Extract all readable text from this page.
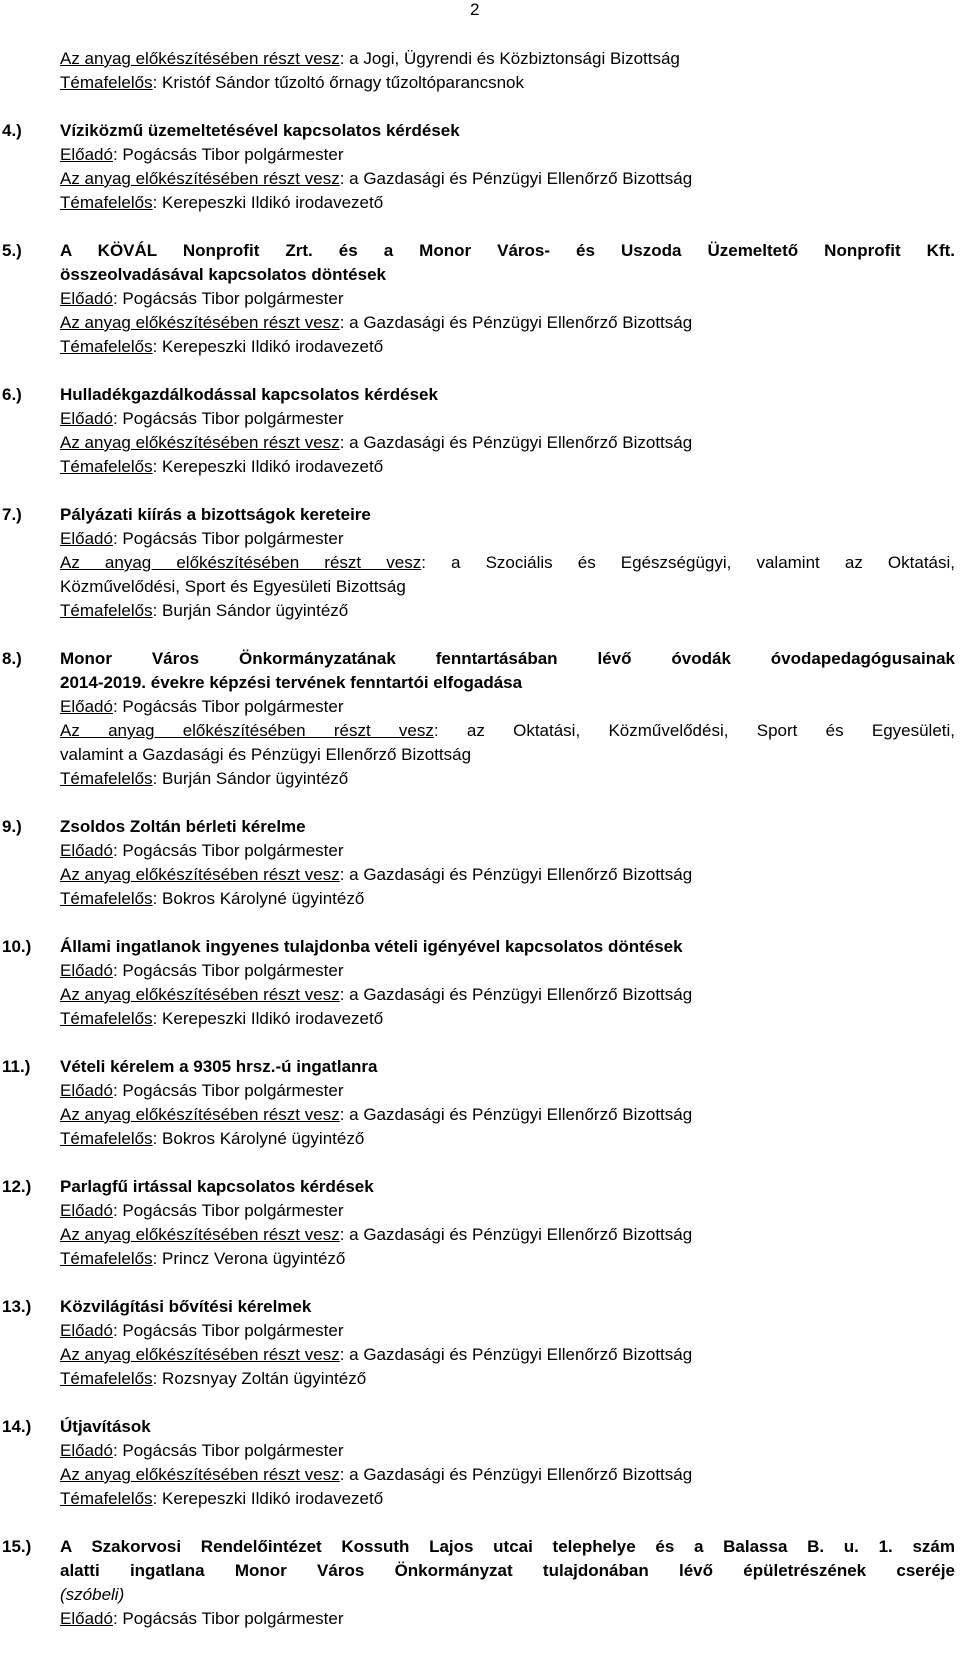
2
Az anyag előkészítésében részt vesz: a Jogi, Ügyrendi és Közbiztonsági Bizottság
Témafelelős: Kristóf Sándor tűzoltó őrnagy tűzoltóparancsnok
4.)	Víziközmű üzemeltetésével kapcsolatos kérdések
Előadó: Pogácsás Tibor polgármester
Az anyag előkészítésében részt vesz: a Gazdasági és Pénzügyi Ellenőrző Bizottság
Témafelelős: Kerepeszki Ildikó irodavezető
5.)	A KÖVÁL Nonprofit Zrt. és a Monor Város- és Uszoda Üzemeltető Nonprofit Kft.
összeolvadásával kapcsolatos döntések
Előadó: Pogácsás Tibor polgármester
Az anyag előkészítésében részt vesz: a Gazdasági és Pénzügyi Ellenőrző Bizottság
Témafelelős: Kerepeszki Ildikó irodavezető
6.)	Hulladékgazdálkodással kapcsolatos kérdések
Előadó: Pogácsás Tibor polgármester
Az anyag előkészítésében részt vesz: a Gazdasági és Pénzügyi Ellenőrző Bizottság
Témafelelős: Kerepeszki Ildikó irodavezető
7.)	Pályázati kiírás a bizottságok kereteire
Előadó: Pogácsás Tibor polgármester
Az anyag előkészítésében részt vesz: a Szociális és Egészségügyi, valamint az Oktatási,
Közművelődési, Sport és Egyesületi Bizottság
Témafelelős: Burján Sándor ügyintéző
8.)	Monor Város Önkormányzatának fenntartásában lévő óvodák óvodapedagógusainak
2014-2019. évekre képzési tervének fenntartói elfogadása
Előadó: Pogácsás Tibor polgármester
Az anyag előkészítésében részt vesz: az Oktatási, Közművelődési, Sport és Egyesületi,
valamint a Gazdasági és Pénzügyi Ellenőrző Bizottság
Témafelelős: Burján Sándor ügyintéző
9.)	Zsoldos Zoltán bérleti kérelme
Előadó: Pogácsás Tibor polgármester
Az anyag előkészítésében részt vesz: a Gazdasági és Pénzügyi Ellenőrző Bizottság
Témafelelős: Bokros Károlyné ügyintéző
10.)	Állami ingatlanok ingyenes tulajdonba vételi igényével kapcsolatos döntések
Előadó: Pogácsás Tibor polgármester
Az anyag előkészítésében részt vesz: a Gazdasági és Pénzügyi Ellenőrző Bizottság
Témafelelős: Kerepeszki Ildikó irodavezető
11.)	Vételi kérelem a 9305 hrsz.-ú ingatlanra
Előadó: Pogácsás Tibor polgármester
Az anyag előkészítésében részt vesz: a Gazdasági és Pénzügyi Ellenőrző Bizottság
Témafelelős: Bokros Károlyné ügyintéző
12.)	Parlagfű irtással kapcsolatos kérdések
Előadó: Pogácsás Tibor polgármester
Az anyag előkészítésében részt vesz: a Gazdasági és Pénzügyi Ellenőrző Bizottság
Témafelelős: Princz Verona ügyintéző
13.)	Közvilágítási bővítési kérelmek
Előadó: Pogácsás Tibor polgármester
Az anyag előkészítésében részt vesz: a Gazdasági és Pénzügyi Ellenőrző Bizottság
Témafelelős: Rozsnyay Zoltán ügyintéző
14.)	Útjavítások
Előadó: Pogácsás Tibor polgármester
Az anyag előkészítésében részt vesz: a Gazdasági és Pénzügyi Ellenőrző Bizottság
Témafelelős: Kerepeszki Ildikó irodavezető
15.)	A Szakorvosi Rendelőintézet Kossuth Lajos utcai telephelye és a Balassa B. u. 1. szám
alatti ingatlana Monor Város Önkormányzat tulajdonában lévő épületrészének cseréje
(szóbeli)
Előadó: Pogácsás Tibor polgármester
